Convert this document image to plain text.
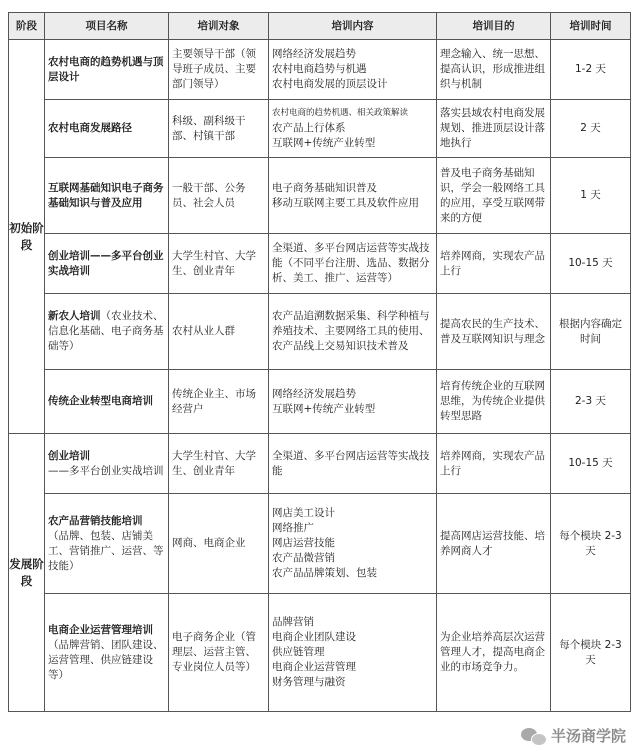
阶段	项目名称	培训对象	培训内容	培训目的	培训时间
初始阶段	农村电商的趋势机遇与顶层设计	主要领导干部（领导班子成员、主要部门领导）	网络经济发展趋势
农村电商趋势与机遇
农村电商发展的顶层设计	理念输入、统一思想、提高认识，形成推进组织与机制	1-2 天

	农村电商发展路径	科级、副科级干部、村镇干部	农村电商的趋势机遇、相关政策解读
农产品上行体系
互联网+传统产业转型	落实县域农村电商发展规划、推进顶层设计落地执行	2 天

	互联网基础知识电子商务基础知识与普及应用	一般干部、公务员、社会人员	电子商务基础知识普及
移动互联网主要工具及软件应用	普及电子商务基础知识，学会一般网络工具的应用，享受互联网带来的方便	1 天

	创业培训——多平台创业实战培训	大学生村官、大学生、创业青年	全渠道、多平台网店运营等实战技能（不同平台注册、选品、数据分析、美工、推广、运营等）	培养网商，实现农产品上行	10-15 天
	新农人培训（农业技术、信息化基础、电子商务基础等）	农村从业人群	农产品追溯数据采集、科学种植与养殖技术、主要网络工具的使用、农产品线上交易知识技术普及	提高农民的生产技术、普及互联网知识与理念	根据内容确定时间

	传统企业转型电商培训	传统企业主、市场经营户	网络经济发展趋势
互联网+传统产业转型	培育传统企业的互联网思维，为传统企业提供转型思路	2-3 天
发展阶段	创业培训
——多平台创业实战培训	大学生村官、大学生、创业青年	全渠道、多平台网店运营等实战技能	培养网商，实现农产品上行	10-15 天

	农产品营销技能培训
（品牌、包装、店铺美工、营销推广、运营、等技能）	网商、电商企业	网店美工设计
网络推广
网店运营技能
农产品微营销
农产品品牌策划、包装	提高网店运营技能、培养网商人才	每个模块 2-3 天

	电商企业运营管理培训
（品牌营销、团队建设、运营管理、供应链建设等）	电子商务企业（管理层、运营主管、专业岗位人员等）	品牌营销
电商企业团队建设
供应链管理
电商企业运营管理
财务管理与融资	为企业培养高层次运营管理人才，提高电商企业的市场竞争力。	每个模块 2-3 天
半汤商学院
